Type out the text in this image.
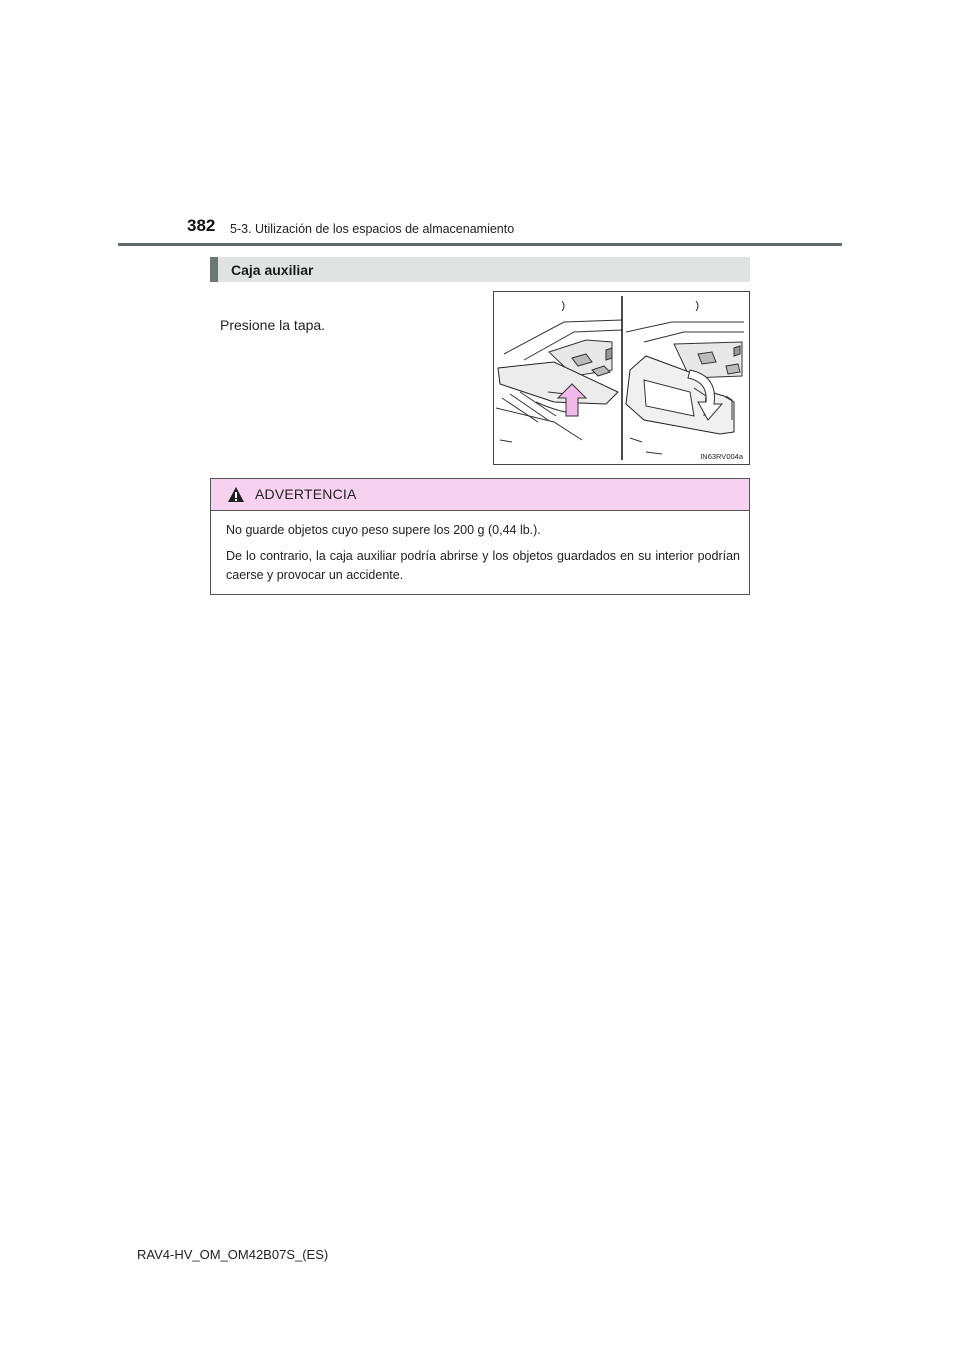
382 5-3. Utilización de los espacios de almacenamiento
Caja auxiliar
Presione la tapa.
IN63RV004a
ADVERTENCIA

No guarde objetos cuyo peso supere los 200 g (0,44 lb.).

De lo contrario, la caja auxiliar podría abrirse y los objetos guardados en su interior podrían caerse y provocar un accidente.

RAV4-HV_OM_OM42B07S_(ES)
